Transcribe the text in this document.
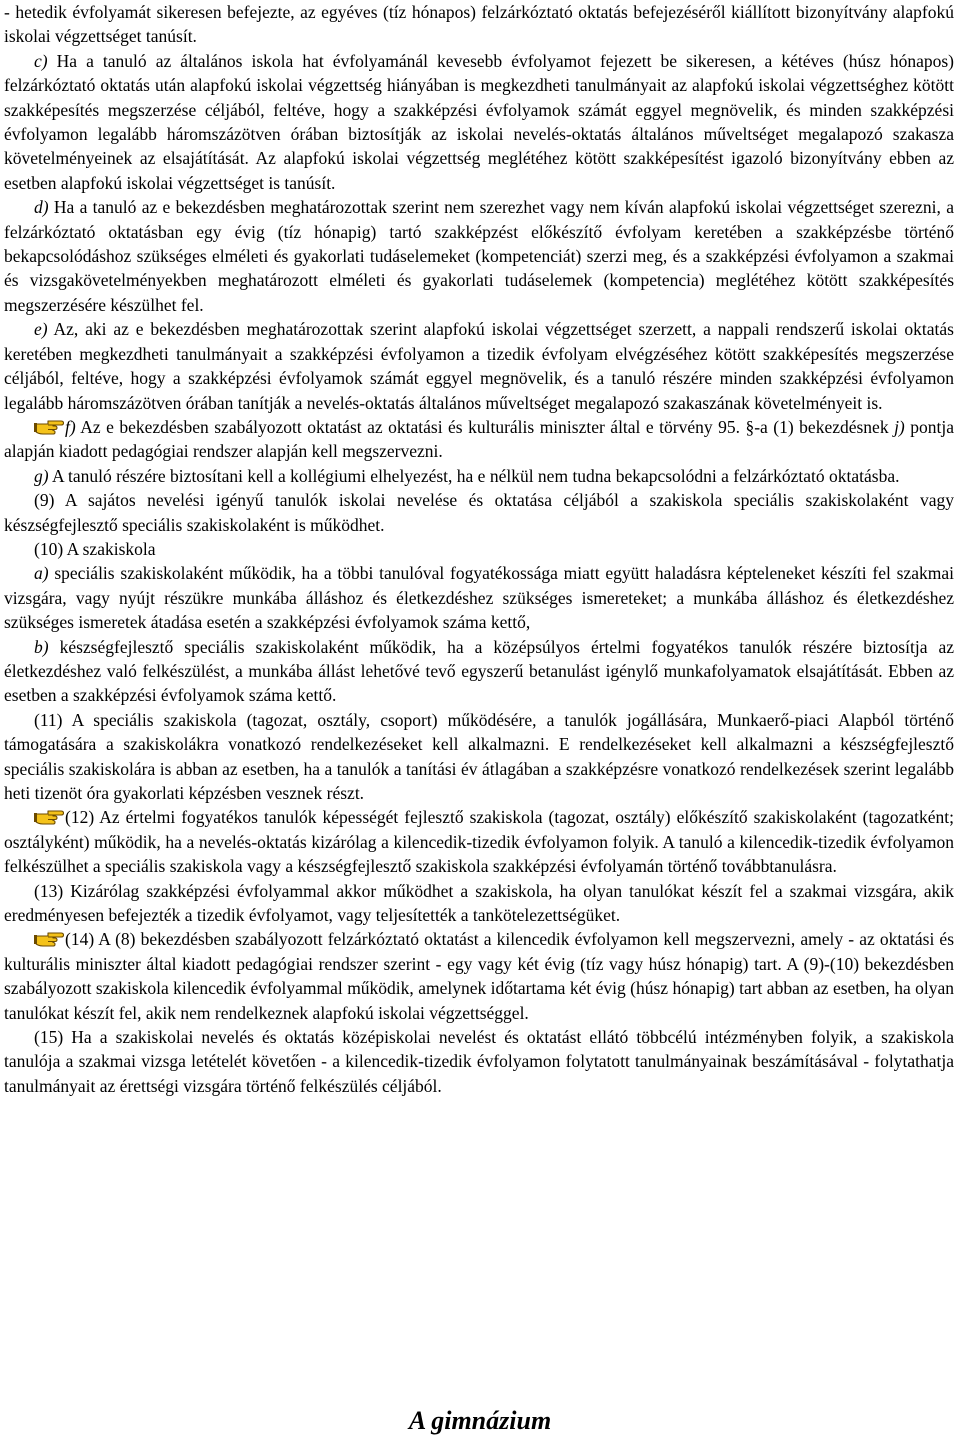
- hetedik évfolyamát sikeresen befejezte, az egyéves (tíz hónapos) felzárkóztató oktatás befejezéséről kiállított bizonyítvány alapfokú iskolai végzettséget tanúsít.

c) Ha a tanuló az általános iskola hat évfolyamánál kevesebb évfolyamot fejezett be sikeresen, a kétéves (húsz hónapos) felzárkóztató oktatás után alapfokú iskolai végzettség hiányában is megkezdheti tanulmányait az alapfokú iskolai végzettséghez kötött szakképesítés megszerzése céljából, feltéve, hogy a szakképzési évfolyamok számát eggyel megnövelik, és minden szakképzési évfolyamon legalább háromszázötven órában biztosítják az iskolai nevelés-oktatás általános műveltséget megalapozó szakasza követelményeinek az elsajátítását. Az alapfokú iskolai végzettség meglétéhez kötött szakképesítést igazoló bizonyítvány ebben az esetben alapfokú iskolai végzettséget is tanúsít.

d) Ha a tanuló az e bekezdésben meghatározottak szerint nem szerezhet vagy nem kíván alapfokú iskolai végzettséget szerezni, a felzárkóztató oktatásban egy évig (tíz hónapig) tartó szakképzést előkészítő évfolyam keretében a szakképzésbe történő bekapcsolódáshoz szükséges elméleti és gyakorlati tudáselemeket (kompetenciát) szerzi meg, és a szakképzési évfolyamon a szakmai és vizsgakövetelményekben meghatározott elméleti és gyakorlati tudáselemek (kompetencia) meglétéhez kötött szakképesítés megszerzésére készülhet fel.

e) Az, aki az e bekezdésben meghatározottak szerint alapfokú iskolai végzettséget szerzett, a nappali rendszerű iskolai oktatás keretében megkezdheti tanulmányait a szakképzési évfolyamon a tizedik évfolyam elvégzéséhez kötött szakképesítés megszerzése céljából, feltéve, hogy a szakképzési évfolyamok számát eggyel megnövelik, és a tanuló részére minden szakképzési évfolyamon legalább háromszázötven órában tanítják a nevelés-oktatás általános műveltséget megalapozó szakaszának követelményeit is.

f) Az e bekezdésben szabályozott oktatást az oktatási és kulturális miniszter által e törvény 95. §-a (1) bekezdésnek j) pontja alapján kiadott pedagógiai rendszer alapján kell megszervezni.

g) A tanuló részére biztosítani kell a kollégiumi elhelyezést, ha e nélkül nem tudna bekapcsolódni a felzárkóztató oktatásba.

(9) A sajátos nevelési igényű tanulók iskolai nevelése és oktatása céljából a szakiskola speciális szakiskolaként vagy készségfejlesztő speciális szakiskolaként is működhet.

(10) A szakiskola

a) speciális szakiskolaként működik, ha a többi tanulóval fogyatékossága miatt együtt haladásra képteleneket készíti fel szakmai vizsgára, vagy nyújt részükre munkába álláshoz és életkezdéshez szükséges ismereteket; a munkába álláshoz és életkezdéshez szükséges ismeretek átadása esetén a szakképzési évfolyamok száma kettő,

b) készségfejlesztő speciális szakiskolaként működik, ha a középsúlyos értelmi fogyatékos tanulók részére biztosítja az életkezdéshez való felkészülést, a munkába állást lehetővé tevő egyszerű betanulást igénylő munkafolyamatok elsajátítását. Ebben az esetben a szakképzési évfolyamok száma kettő.

(11) A speciális szakiskola (tagozat, osztály, csoport) működésére, a tanulók jogállására, Munkaerő-piaci Alapból történő támogatására a szakiskolákra vonatkozó rendelkezéseket kell alkalmazni. E rendelkezéseket kell alkalmazni a készségfejlesztő speciális szakiskolára is abban az esetben, ha a tanulók a tanítási év átlagában a szakképzésre vonatkozó rendelkezések szerint legalább heti tizenöt óra gyakorlati képzésben vesznek részt.

(12) Az értelmi fogyatékos tanulók képességét fejlesztő szakiskola (tagozat, osztály) előkészítő szakiskolaként (tagozatként; osztályként) működik, ha a nevelés-oktatás kizárólag a kilencedik-tizedik évfolyamon folyik. A tanuló a kilencedik-tizedik évfolyamon felkészülhet a speciális szakiskola vagy a készségfejlesztő szakiskola szakképzési évfolyamán történő továbbtanulásra.

(13) Kizárólag szakképzési évfolyammal akkor működhet a szakiskola, ha olyan tanulókat készít fel a szakmai vizsgára, akik eredményesen befejezték a tizedik évfolyamot, vagy teljesítették a tankötelezettségüket.

(14) A (8) bekezdésben szabályozott felzárkóztató oktatást a kilencedik évfolyamon kell megszervezni, amely - az oktatási és kulturális miniszter által kiadott pedagógiai rendszer szerint - egy vagy két évig (tíz vagy húsz hónapig) tart. A (9)-(10) bekezdésben szabályozott szakiskola kilencedik évfolyammal működik, amelynek időtartama két évig (húsz hónapig) tart abban az esetben, ha olyan tanulókat készít fel, akik nem rendelkeznek alapfokú iskolai végzettséggel.

(15) Ha a szakiskolai nevelés és oktatás középiskolai nevelést és oktatást ellátó többcélú intézményben folyik, a szakiskola tanulója a szakmai vizsga letételét követően - a kilencedik-tizedik évfolyamon folytatott tanulmányainak beszámításával - folytathatja tanulmányait az érettségi vizsgára történő felkészülés céljából.

A gimnázium
